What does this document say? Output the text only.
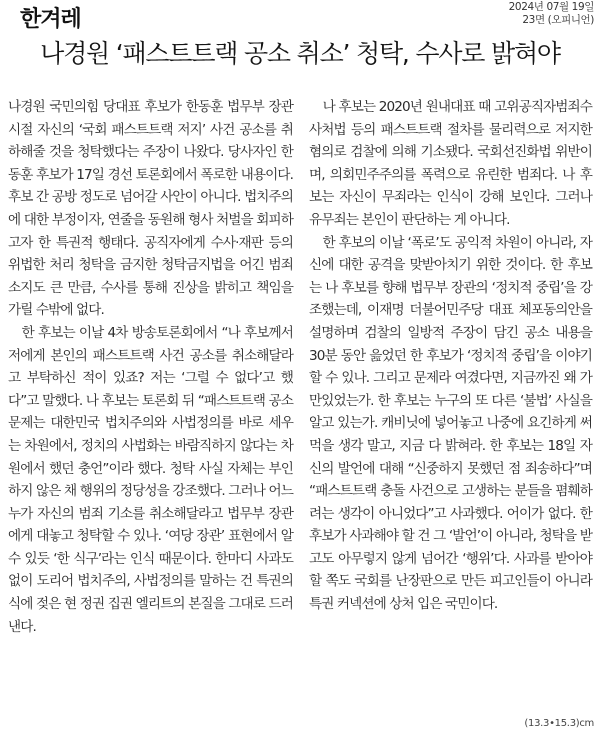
한겨레	2024년 07월 19일
23면 (오피니언)
나경원 ‘패스트트랙 공소 취소’ 청탁, 수사로 밝혀야

나경원 국민의힘 당대표 후보가 한동훈 법무부 장관 시절 자신의 ‘국회 패스트트랙 저지’ 사건 공소를 취하해줄 것을 청탁했다는 주장이 나왔다. 당사자인 한동훈 후보가 17일 경선 토론회에서 폭로한 내용이다. 후보 간 공방 정도로 넘어갈 사안이 아니다. 법치주의에 대한 부정이자, 연줄을 동원해 형사 처벌을 회피하고자 한 특권적 행태다. 공직자에게 수사·재판 등의 위법한 처리 청탁을 금지한 청탁금지법을 어긴 범죄 소지도 큰 만큼, 수사를 통해 진상을 밝히고 책임을 가릴 수밖에 없다.

한 후보는 이날 4차 방송토론회에서 “나 후보께서 저에게 본인의 패스트트랙 사건 공소를 취소해달라고 부탁하신 적이 있죠? 저는 ‘그럴 수 없다’고 했다”고 말했다. 나 후보는 토론회 뒤 “패스트트랙 공소 문제는 대한민국 법치주의와 사법정의를 바로 세우는 차원에서, 정치의 사법화는 바람직하지 않다는 차원에서 했던 충언”이라 했다. 청탁 사실 자체는 부인하지 않은 채 행위의 정당성을 강조했다. 그러나 어느 누가 자신의 범죄 기소를 취소해달라고 법무부 장관에게 대놓고 청탁할 수 있나. ‘여당 장관’ 표현에서 알 수 있듯 ‘한 식구’라는 인식 때문이다. 한마디 사과도 없이 도리어 법치주의, 사법정의를 말하는 건 특권의식에 젖은 현 정권 집권 엘리트의 본질을 그대로 드러낸다.

나 후보는 2020년 원내대표 때 고위공직자범죄수사처법 등의 패스트트랙 절차를 물리력으로 저지한 혐의로 검찰에 의해 기소됐다. 국회선진화법 위반이며, 의회민주주의를 폭력으로 유린한 범죄다. 나 후보는 자신이 무죄라는 인식이 강해 보인다. 그러나 유무죄는 본인이 판단하는 게 아니다.

한 후보의 이날 ‘폭로’도 공익적 차원이 아니라, 자신에 대한 공격을 맞받아치기 위한 것이다. 한 후보는 나 후보를 향해 법무부 장관의 ‘정치적 중립’을 강조했는데, 이재명 더불어민주당 대표 체포동의안을 설명하며 검찰의 일방적 주장이 담긴 공소 내용을 30분 동안 읊었던 한 후보가 ‘정치적 중립’을 이야기할 수 있나. 그리고 문제라 여겼다면, 지금까진 왜 가만있었는가. 한 후보는 누구의 또 다른 ‘불법’ 사실을 알고 있는가. 캐비닛에 넣어놓고 나중에 요긴하게 써먹을 생각 말고, 지금 다 밝혀라. 한 후보는 18일 자신의 발언에 대해 “신중하지 못했던 점 죄송하다”며 “패스트트랙 충돌 사건으로 고생하는 분들을 폄훼하려는 생각이 아니었다”고 사과했다. 어이가 없다. 한 후보가 사과해야 할 건 그 ‘발언’이 아니라, 청탁을 받고도 아무렇지 않게 넘어간 ‘행위’다. 사과를 받아야 할 쪽도 국회를 난장판으로 만든 피고인들이 아니라 특권 커넥션에 상처 입은 국민이다.

(13.3•15.3)cm
